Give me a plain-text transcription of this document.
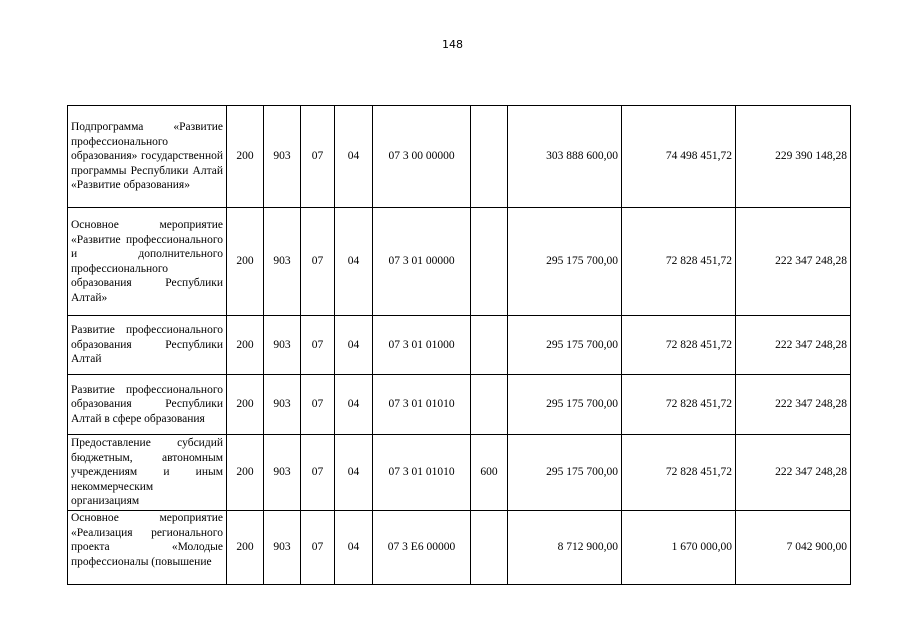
148
Подпрограмма «Развитие профессионального образования» государственной программы Республики Алтай «Развитие образования»	200	903	07	04	07 3 00 00000		303 888 600,00	74 498 451,72	229 390 148,28
Основное мероприятие «Развитие профессионального и дополнительного профессионального образования Республики Алтай»	200	903	07	04	07 3 01 00000		295 175 700,00	72 828 451,72	222 347 248,28
Развитие профессионального образования Республики Алтай	200	903	07	04	07 3 01 01000		295 175 700,00	72 828 451,72	222 347 248,28
Развитие профессионального образования Республики Алтай в сфере образования	200	903	07	04	07 3 01 01010		295 175 700,00	72 828 451,72	222 347 248,28
Предоставление субсидий бюджетным, автономным учреждениям и иным некоммерческим организациям	200	903	07	04	07 3 01 01010	600	295 175 700,00	72 828 451,72	222 347 248,28

Основное мероприятие «Реализация регионального проекта «Молодые профессионалы (повышение	200	903	07	04	07 3 E6 00000		8 712 900,00	1 670 000,00	7 042 900,00
